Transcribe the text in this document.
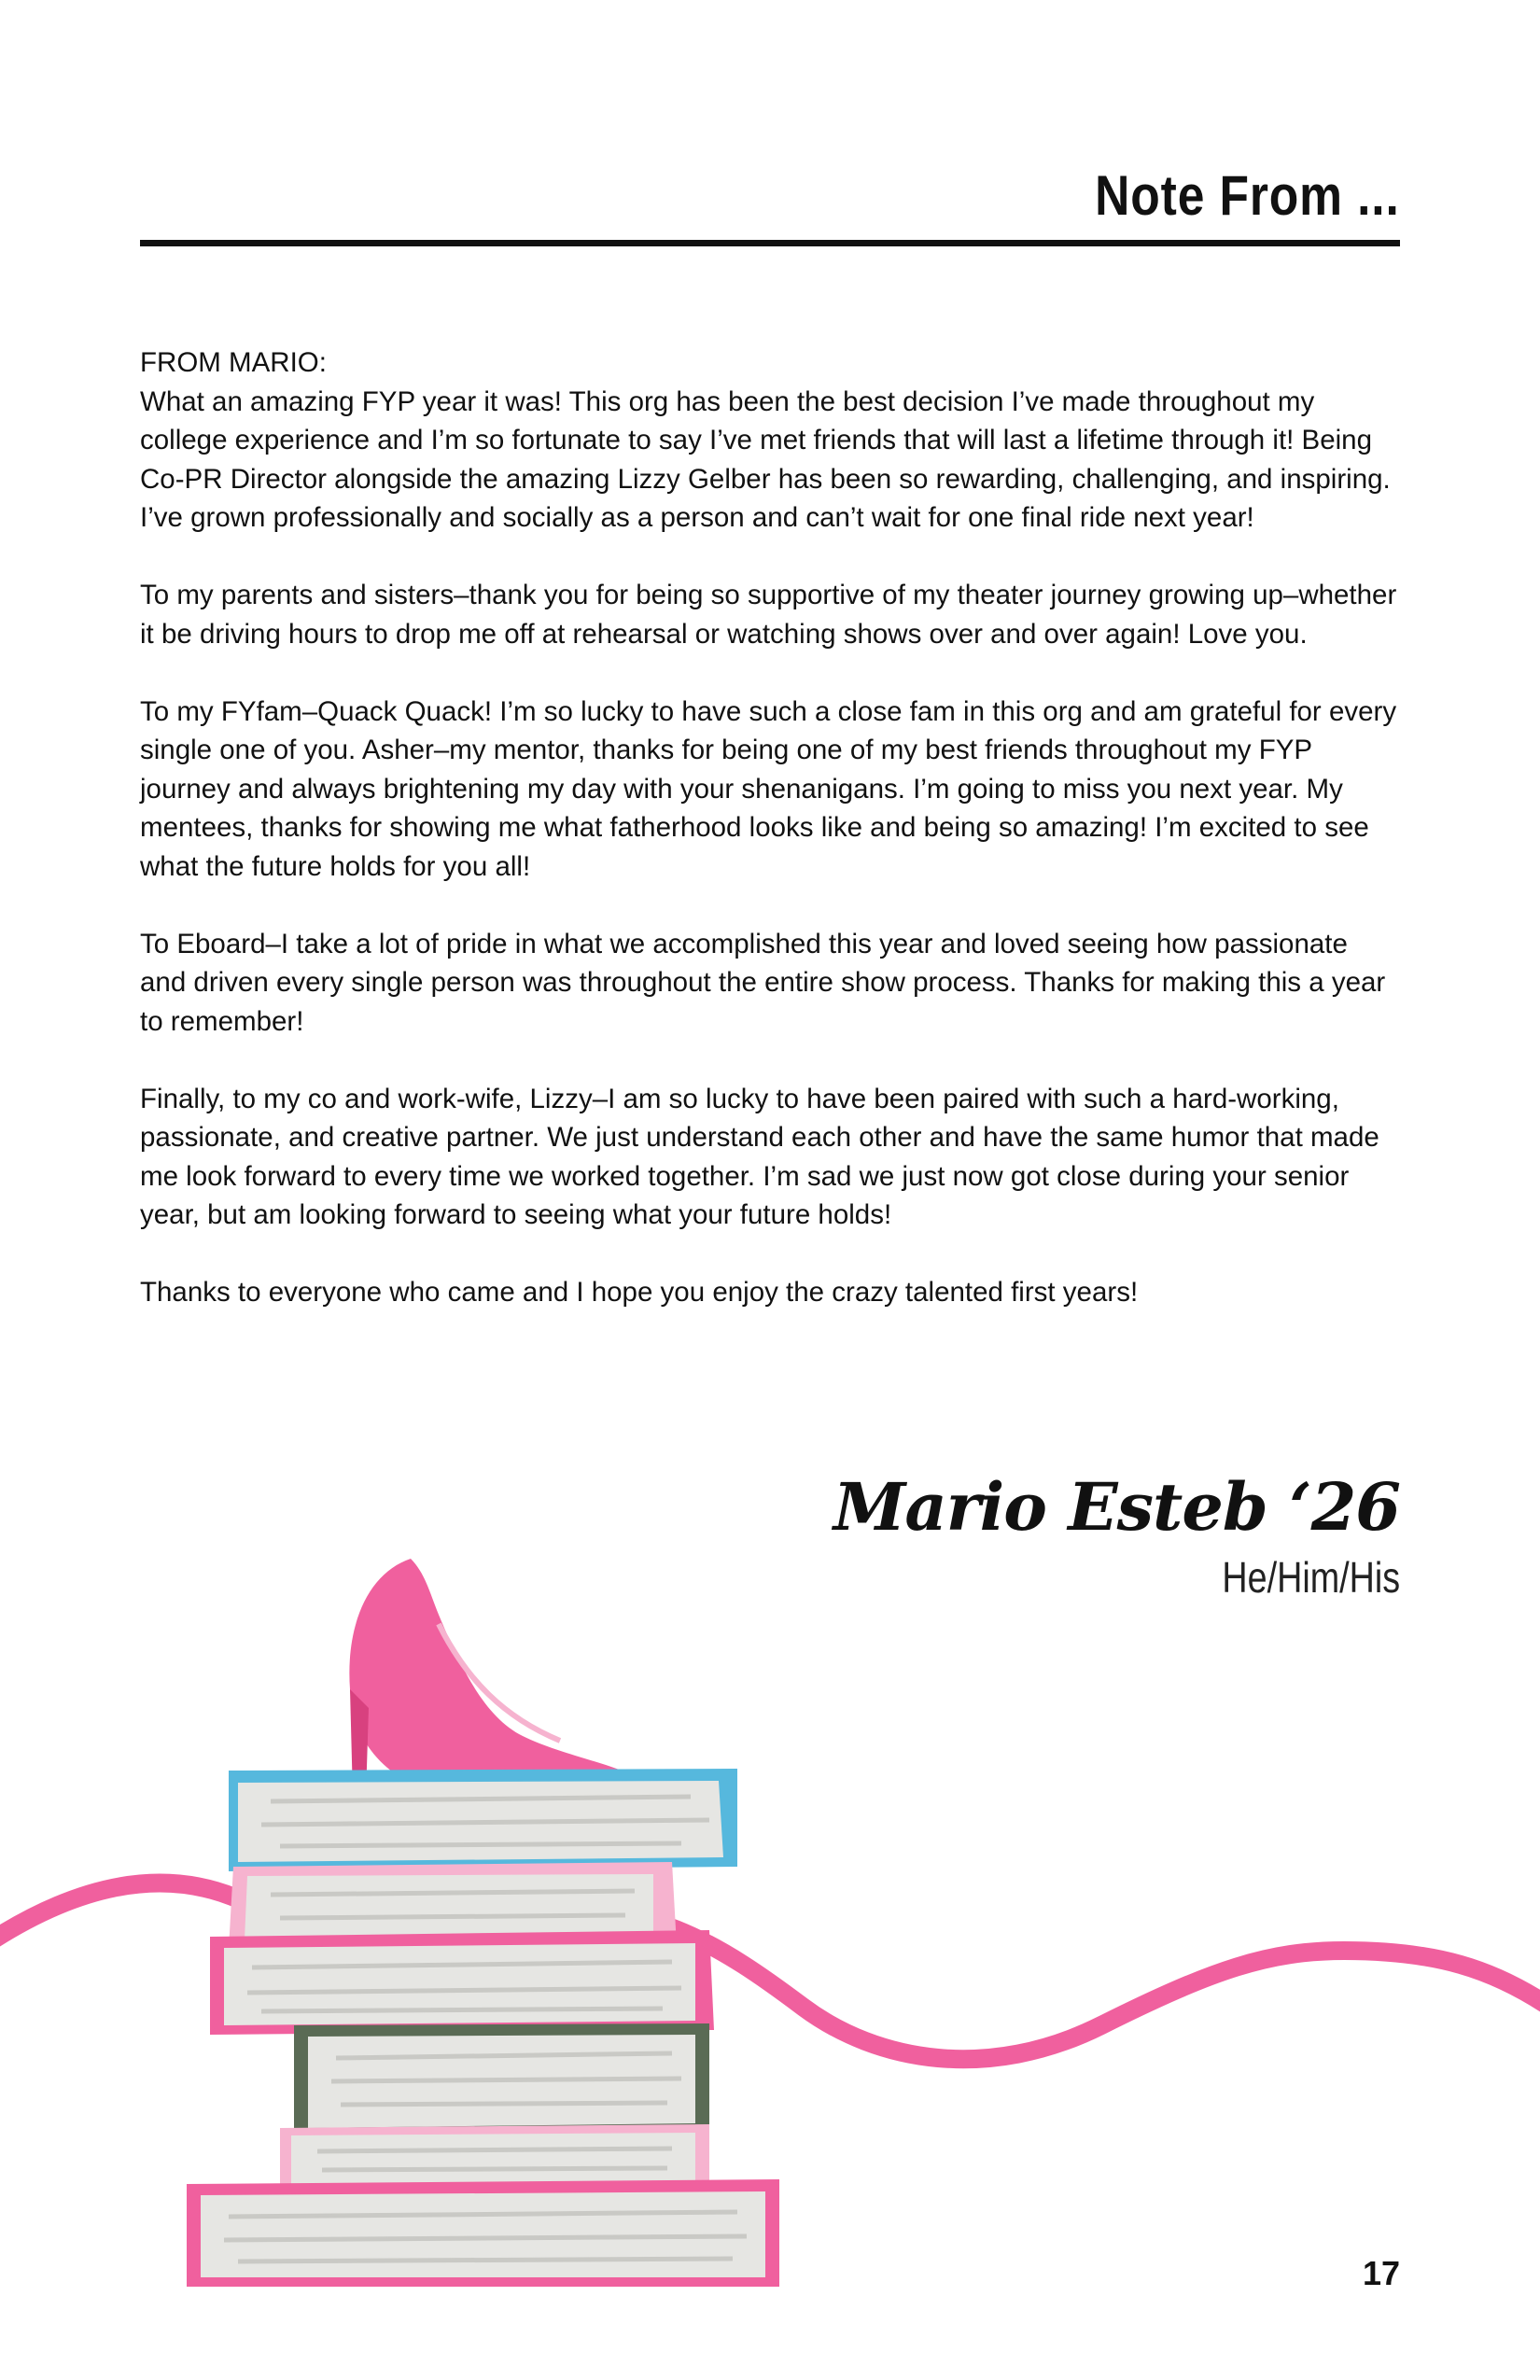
Note From ...

FROM MARIO:

What an amazing FYP year it was! This org has been the best decision I’ve made throughout my college experience and I’m so fortunate to say I’ve met friends that will last a lifetime through it! Being Co-PR Director alongside the amazing Lizzy Gelber has been so rewarding, challenging, and inspiring. I’ve grown professionally and socially as a person and can’t wait for one final ride next year!

To my parents and sisters–thank you for being so supportive of my theater journey growing up–whether it be driving hours to drop me off at rehearsal or watching shows over and over again! Love you.

To my FYfam–Quack Quack! I’m so lucky to have such a close fam in this org and am grateful for every single one of you. Asher–my mentor, thanks for being one of my best friends throughout my FYP journey and always brightening my day with your shenanigans. I’m going to miss you next year. My mentees, thanks for showing me what fatherhood looks like and being so amazing! I’m excited to see what the future holds for you all!

To Eboard–I take a lot of pride in what we accomplished this year and loved seeing how passionate and driven every single person was throughout the entire show process. Thanks for making this a year to remember!

Finally, to my co and work-wife, Lizzy–I am so lucky to have been paired with such a hard-working, passionate, and creative partner. We just understand each other and have the same humor that made me look forward to every time we worked together. I’m sad we just now got close during your senior year, but am looking forward to seeing what your future holds!

Thanks to everyone who came and I hope you enjoy the crazy talented first years!

Mario Esteb ‘26
He/Him/His
17
